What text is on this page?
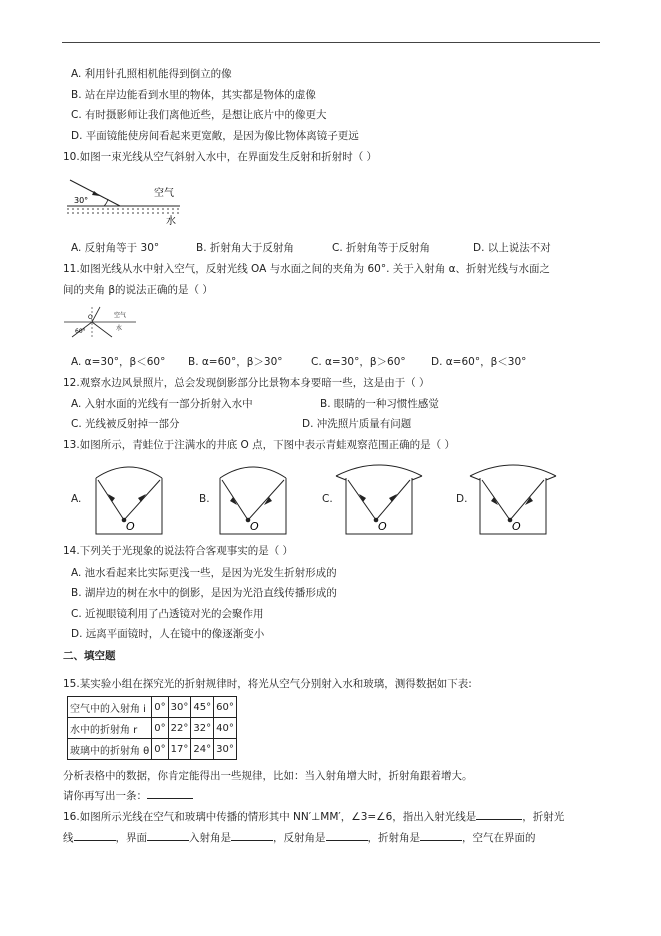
A. 利用针孔照相机能得到倒立的像
B. 站在岸边能看到水里的物体，其实都是物体的虚像
C. 有时摄影师让我们离他近些，是想让底片中的像更大
D. 平面镜能使房间看起来更宽敞，是因为像比物体离镜子更远
10.如图一束光线从空气斜射入水中，在界面发生反射和折射时（ ）
30°
空气
水
A. 反射角等于 30°	B. 折射角大于反射角	C. 折射角等于反射角	D. 以上说法不对
11.如图光线从水中射入空气，反射光线 OA 与水面之间的夹角为 60°. 关于入射角 α、折射光线与水面之
间的夹角 β的说法正确的是（ ）
O	空气
水
60°
A. α=30°，β＜60° B. α=60°，β＞30°	C. α=30°，β＞60° D. α=60°，β＜30°
12.观察水边风景照片，总会发现倒影部分比景物本身要暗一些，这是由于（ ）
A. 入射水面的光线有一部分折射入水中	B. 眼睛的一种习惯性感觉
C. 光线被反射掉一部分	D. 冲洗照片质量有问题
13.如图所示，青蛙位于注满水的井底 O 点，下图中表示青蛙观察范围正确的是（ ）
A.
O
B.
O
C.
O
D.
O
14.下列关于光现象的说法符合客观事实的是（ ）
A. 池水看起来比实际更浅一些，是因为光发生折射形成的
B. 湖岸边的树在水中的倒影，是因为光沿直线传播形成的
C. 近视眼镜利用了凸透镜对光的会聚作用
D. 远离平面镜时，人在镜中的像逐渐变小
二、填空题
15.某实验小组在探究光的折射规律时，将光从空气分别射入水和玻璃，测得数据如下表:
空气中的入射角 i	0°	30°	45°	60°
水中的折射角 r	0°	22°	32°	40°
玻璃中的折射角 θ	0°	17°	24°	30°
分析表格中的数据，你肯定能得出一些规律，比如：当入射角增大时，折射角跟着增大。
请你再写出一条：
16.如图所示光线在空气和玻璃中传播的情形其中 NN′⊥MM′，∠3=∠6，指出入射光线是	，折射光
线	，界面	入射角是	，反射角是	，折射角是	，空气在界面的
